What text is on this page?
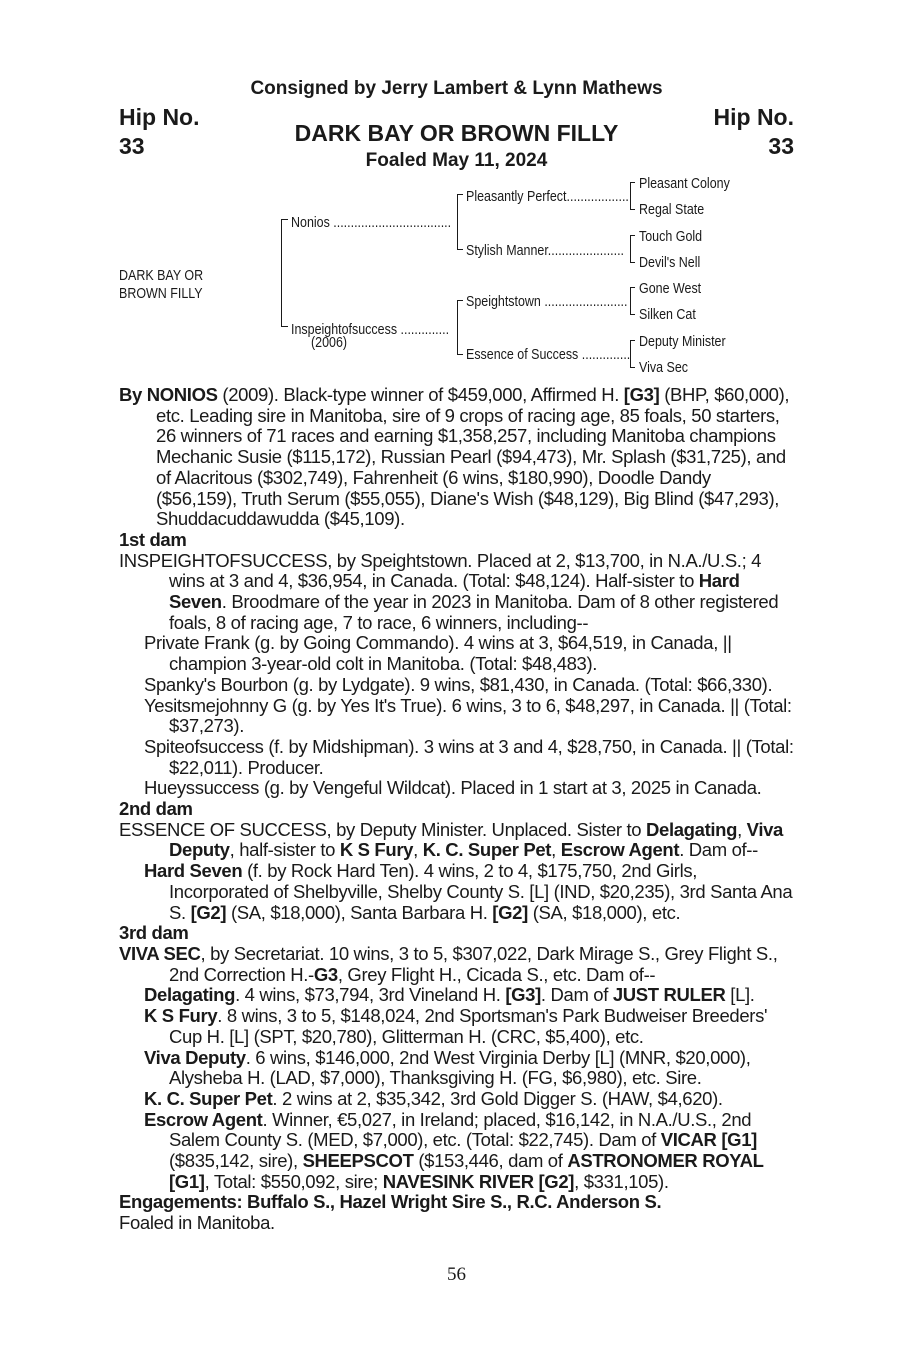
Consigned by Jerry Lambert & Lynn Mathews
Hip No.
33
Hip No.
33
DARK BAY OR BROWN FILLY
Foaled May 11, 2024
DARK BAY OR
BROWN FILLY
Nonios ..................................
Inspeightofsuccess ..............
(2006)
Pleasantly Perfect..................
Stylish Manner......................
Speightstown ........................
Essence of Success ..............
Pleasant Colony
Regal State
Touch Gold
Devil's Nell
Gone West
Silken Cat
Deputy Minister
Viva Sec

By NONIOS (2009). Black-type winner of $459,000, Affirmed H. [G3] (BHP, $60,000), etc. Leading sire in Manitoba, sire of 9 crops of racing age, 85 foals, 50 starters, 26 winners of 71 races and earning $1,358,257, including Manitoba champions Mechanic Susie ($115,172), Russian Pearl ($94,473), Mr. Splash ($31,725), and of Alacritous ($302,749), Fahrenheit (6 wins, $180,990), Doodle Dandy ($56,159), Truth Serum ($55,055), Diane's Wish ($48,129), Big Blind ($47,293), Shuddacuddawudda ($45,109).

1st dam

INSPEIGHTOFSUCCESS, by Speightstown. Placed at 2, $13,700, in N.A./U.S.; 4 wins at 3 and 4, $36,954, in Canada. (Total: $48,124). Half-sister to Hard Seven. Broodmare of the year in 2023 in Manitoba. Dam of 8 other registered foals, 8 of racing age, 7 to race, 6 winners, including--

Private Frank (g. by Going Commando). 4 wins at 3, $64,519, in Canada, || champion 3-year-old colt in Manitoba. (Total: $48,483).

Spanky's Bourbon (g. by Lydgate). 9 wins, $81,430, in Canada. (Total: $66,330).

Yesitsmejohnny G (g. by Yes It's True). 6 wins, 3 to 6, $48,297, in Canada. || (Total: $37,273).

Spiteofsuccess (f. by Midshipman). 3 wins at 3 and 4, $28,750, in Canada. || (Total: $22,011). Producer.

Hueyssuccess (g. by Vengeful Wildcat). Placed in 1 start at 3, 2025 in Canada.

2nd dam

ESSENCE OF SUCCESS, by Deputy Minister. Unplaced. Sister to Delagating, Viva Deputy, half-sister to K S Fury, K. C. Super Pet, Escrow Agent. Dam of--

Hard Seven (f. by Rock Hard Ten). 4 wins, 2 to 4, $175,750, 2nd Girls, Incorporated of Shelbyville, Shelby County S. [L] (IND, $20,235), 3rd Santa Ana S. [G2] (SA, $18,000), Santa Barbara H. [G2] (SA, $18,000), etc.

3rd dam

VIVA SEC, by Secretariat. 10 wins, 3 to 5, $307,022, Dark Mirage S., Grey Flight S., 2nd Correction H.-G3, Grey Flight H., Cicada S., etc. Dam of--

Delagating. 4 wins, $73,794, 3rd Vineland H. [G3]. Dam of JUST RULER [L].

K S Fury. 8 wins, 3 to 5, $148,024, 2nd Sportsman's Park Budweiser Breeders' Cup H. [L] (SPT, $20,780), Glitterman H. (CRC, $5,400), etc.

Viva Deputy. 6 wins, $146,000, 2nd West Virginia Derby [L] (MNR, $20,000), Alysheba H. (LAD, $7,000), Thanksgiving H. (FG, $6,980), etc. Sire.

K. C. Super Pet. 2 wins at 2, $35,342, 3rd Gold Digger S. (HAW, $4,620).

Escrow Agent. Winner, €5,027, in Ireland; placed, $16,142, in N.A./U.S., 2nd Salem County S. (MED, $7,000), etc. (Total: $22,745). Dam of VICAR [G1] ($835,142, sire), SHEEPSCOT ($153,446, dam of ASTRONOMER ROYAL [G1], Total: $550,092, sire; NAVESINK RIVER [G2], $331,105).

Engagements: Buffalo S., Hazel Wright Sire S., R.C. Anderson S.

Foaled in Manitoba.

56
